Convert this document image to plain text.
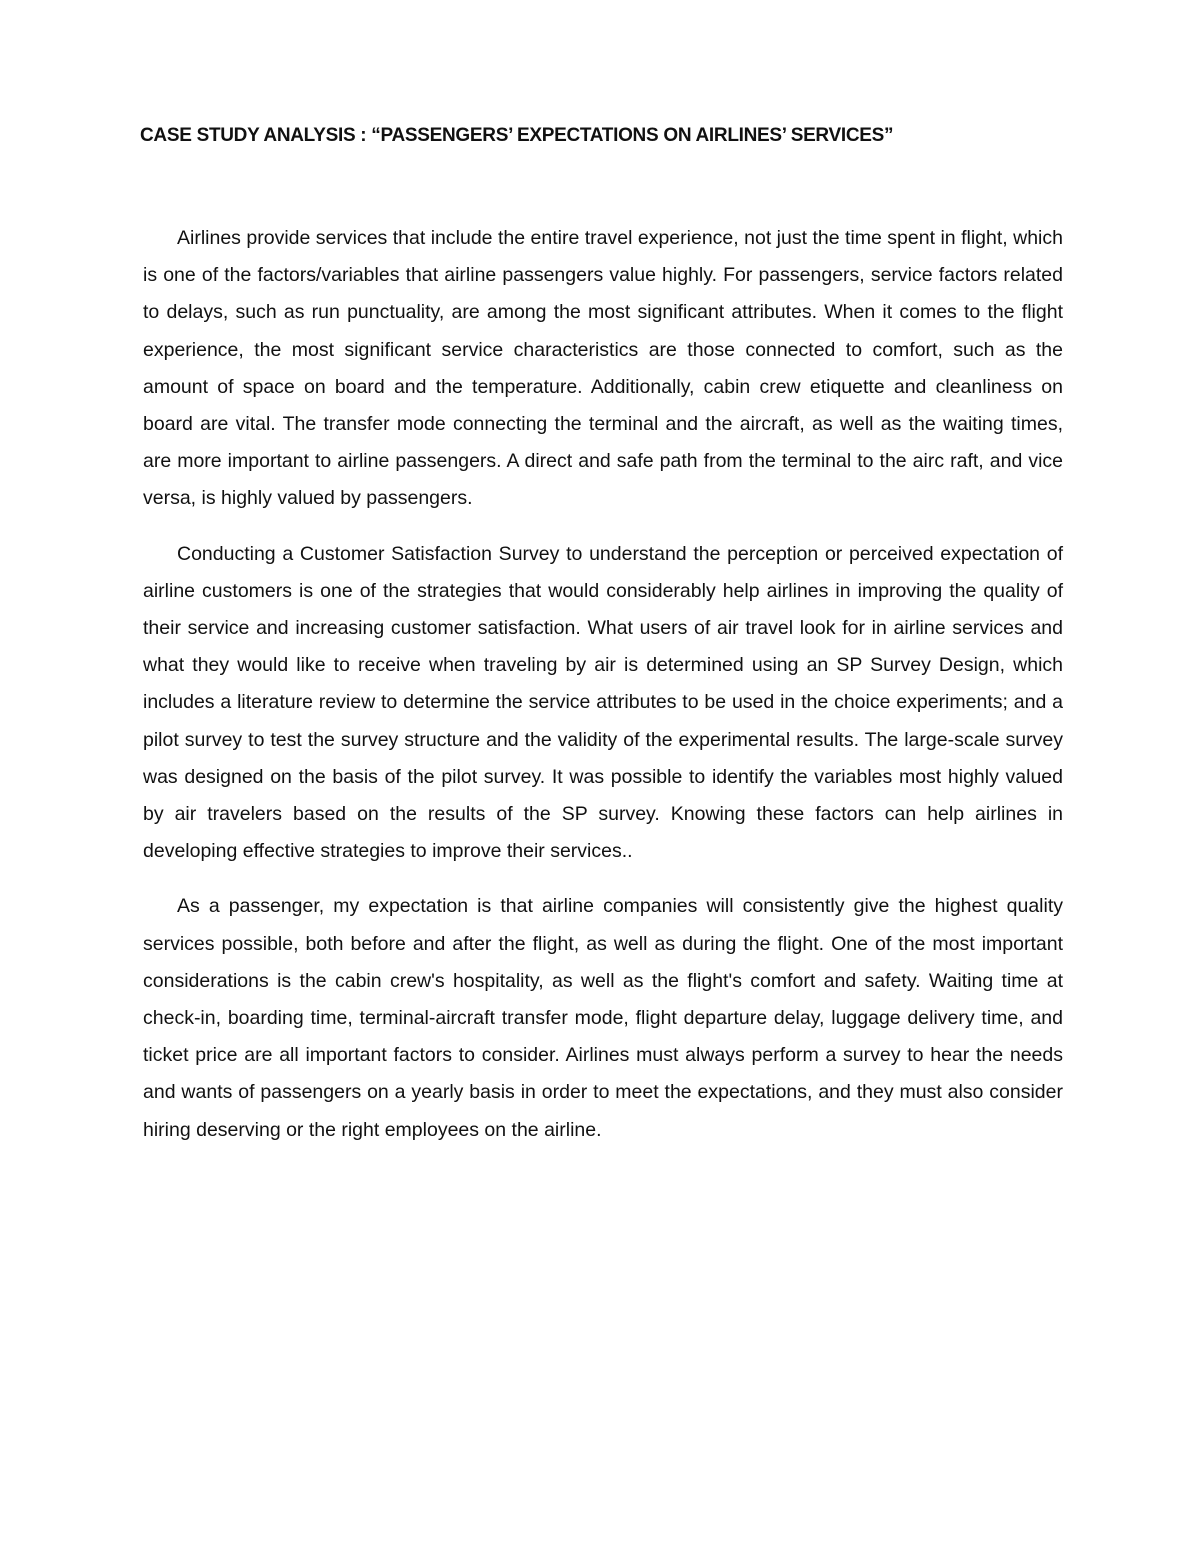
CASE STUDY ANALYSIS : “PASSENGERS’ EXPECTATIONS ON AIRLINES’ SERVICES”

Airlines provide services that include the entire travel experience, not just the time spent in flight, which is one of the factors/variables that airline passengers value highly. For passengers, service factors related to delays, such as run punctuality, are among the most significant attributes. When it comes to the flight experience, the most significant service characteristics are those connected to comfort, such as the amount of space on board and the temperature. Additionally, cabin crew etiquette and cleanliness on board are vital. The transfer mode connecting the terminal and the aircraft, as well as the waiting times, are more important to airline passengers. A direct and safe path from the terminal to the airc raft, and vice versa, is highly valued by passengers.

Conducting a Customer Satisfaction Survey to understand the perception or perceived expectation of airline customers is one of the strategies that would considerably help airlines in improving the quality of their service and increasing customer satisfaction. What users of air travel look for in airline services and what they would like to receive when traveling by air is determined using an SP Survey Design, which includes a literature review to determine the service attributes to be used in the choice experiments; and a pilot survey to test the survey structure and the validity of the experimental results. The large-scale survey was designed on the basis of the pilot survey. It was possible to identify the variables most highly valued by air travelers based on the results of the SP survey. Knowing these factors can help airlines in developing effective strategies to improve their services..

As a passenger, my expectation is that airline companies will consistently give the highest quality services possible, both before and after the flight, as well as during the flight. One of the most important considerations is the cabin crew's hospitality, as well as the flight's comfort and safety. Waiting time at check-in, boarding time, terminal-aircraft transfer mode, flight departure delay, luggage delivery time, and ticket price are all important factors to consider. Airlines must always perform a survey to hear the needs and wants of passengers on a yearly basis in order to meet the expectations, and they must also consider hiring deserving or the right employees on the airline.
